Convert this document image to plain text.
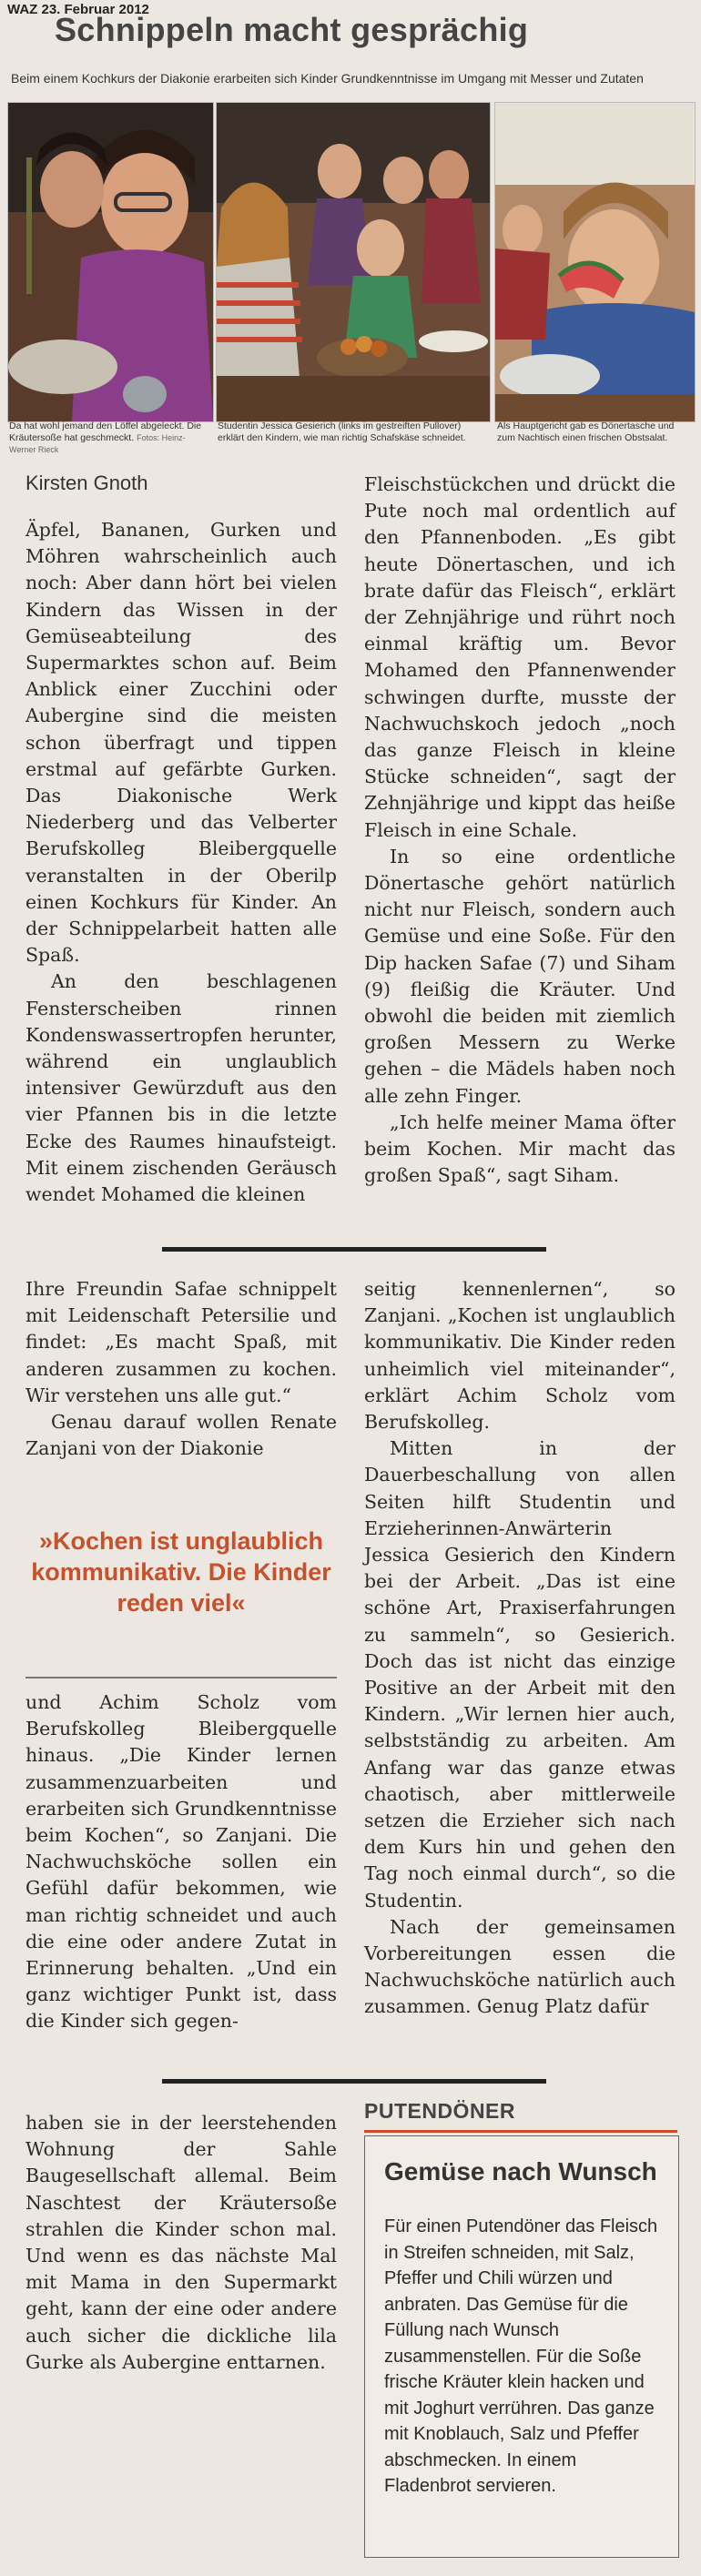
WAZ 23. Februar 2012
Schnippeln macht gesprächig
Beim einem Kochkurs der Diakonie erarbeiten sich Kinder Grundkenntnisse im Umgang mit Messer und Zutaten
Da hat wohl jemand den Löffel abgeleckt. Die Kräutersoße hat geschmeckt. Fotos: Heinz-Werner Rieck
Studentin Jessica Gesierich (links im gestreiften Pullover) erklärt den Kindern, wie man richtig Schafskäse schneidet.
Als Hauptgericht gab es Dönertasche und zum Nachtisch einen frischen Obstsalat.
Kirsten Gnoth

Äpfel, Bananen, Gurken und Möhren wahrscheinlich auch noch: Aber dann hört bei vielen Kindern das Wissen in der Gemüseabteilung des Supermarktes schon auf. Beim Anblick einer Zucchini oder Aubergine sind die meisten schon überfragt und tippen erstmal auf gefärbte Gurken. Das Diakonische Werk Niederberg und das Velberter Berufskolleg Bleibergquelle veranstalten in der Oberilp einen Kochkurs für Kinder. An der Schnippelarbeit hatten alle Spaß.

An den beschlagenen Fensterscheiben rinnen Kondenswassertropfen herunter, während ein unglaublich intensiver Gewürzduft aus den vier Pfannen bis in die letzte Ecke des Raumes hinaufsteigt. Mit einem zischenden Geräusch wendet Mohamed die kleinen

Fleischstückchen und drückt die Pute noch mal ordentlich auf den Pfannenboden. „Es gibt heute Dönertaschen, und ich brate dafür das Fleisch“, erklärt der Zehnjährige und rührt noch einmal kräftig um. Bevor Mohamed den Pfannenwender schwingen durfte, musste der Nachwuchskoch jedoch „noch das ganze Fleisch in kleine Stücke schneiden“, sagt der Zehnjährige und kippt das heiße Fleisch in eine Schale.

In so eine ordentliche Dönertasche gehört natürlich nicht nur Fleisch, sondern auch Gemüse und eine Soße. Für den Dip hacken Safae (7) und Siham (9) fleißig die Kräuter. Und obwohl die beiden mit ziemlich großen Messern zu Werke gehen – die Mädels haben noch alle zehn Finger.

„Ich helfe meiner Mama öfter beim Kochen. Mir macht das großen Spaß“, sagt Siham.

Ihre Freundin Safae schnippelt mit Leidenschaft Petersilie und findet: „Es macht Spaß, mit anderen zusammen zu kochen. Wir verstehen uns alle gut.“

Genau darauf wollen Renate Zanjani von der Diakonie

»Kochen ist unglaublich kommunikativ. Die Kinder reden viel«

und Achim Scholz vom Berufskolleg Bleibergquelle hinaus. „Die Kinder lernen zusammenzuarbeiten und erarbeiten sich Grundkenntnisse beim Kochen“, so Zanjani. Die Nachwuchsköche sollen ein Gefühl dafür bekommen, wie man richtig schneidet und auch die eine oder andere Zutat in Erinnerung behalten. „Und ein ganz wichtiger Punkt ist, dass die Kinder sich gegen-

seitig kennenlernen“, so Zanjani. „Kochen ist unglaublich kommunikativ. Die Kinder reden unheimlich viel miteinander“, erklärt Achim Scholz vom Berufskolleg.

Mitten in der Dauerbeschallung von allen Seiten hilft Studentin und Erzieherinnen-Anwärterin Jessica Gesierich den Kindern bei der Arbeit. „Das ist eine schöne Art, Praxiserfahrungen zu sammeln“, so Gesierich. Doch das ist nicht das einzige Positive an der Arbeit mit den Kindern. „Wir lernen hier auch, selbstständig zu arbeiten. Am Anfang war das ganze etwas chaotisch, aber mittlerweile setzen die Erzieher sich nach dem Kurs hin und gehen den Tag noch einmal durch“, so die Studentin.

Nach der gemeinsamen Vorbereitungen essen die Nachwuchsköche natürlich auch zusammen. Genug Platz dafür

haben sie in der leerstehenden Wohnung der Sahle Baugesellschaft allemal. Beim Naschtest der Kräutersoße strahlen die Kinder schon mal. Und wenn es das nächste Mal mit Mama in den Supermarkt geht, kann der eine oder andere auch sicher die dickliche lila Gurke als Aubergine enttarnen.

PUTENDÖNER
Gemüse nach Wunsch
Für einen Putendöner das Fleisch in Streifen schneiden, mit Salz, Pfeffer und Chili würzen und anbraten. Das Gemüse für die Füllung nach Wunsch zusammenstellen. Für die Soße frische Kräuter klein hacken und mit Joghurt verrühren. Das ganze mit Knoblauch, Salz und Pfeffer abschmecken. In einem Fladenbrot servieren.
